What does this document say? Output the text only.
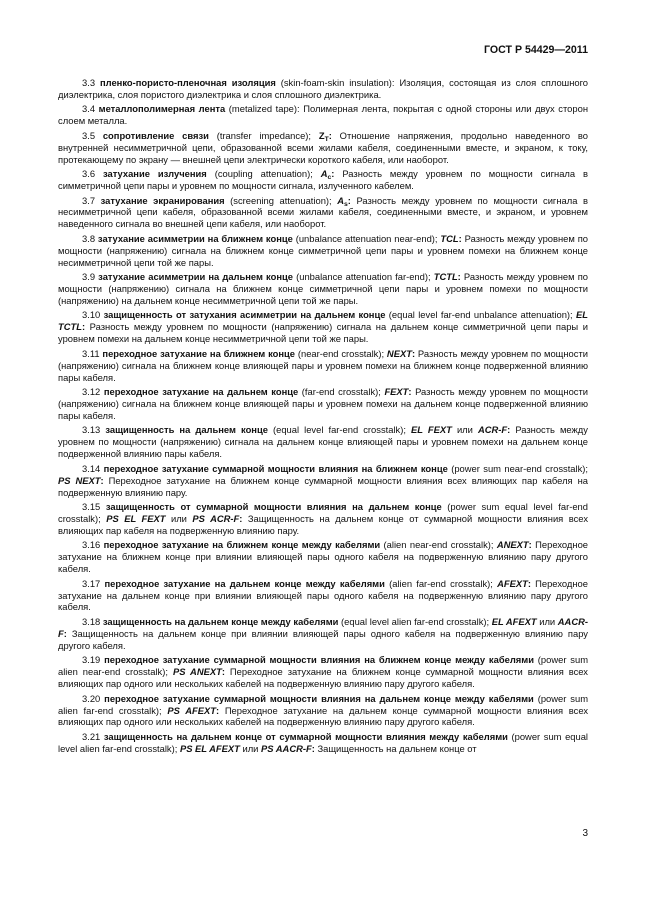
ГОСТ Р 54429—2011

3.3 пленко-пористо-пленочная изоляция (skin-foam-skin insulation): Изоляция, состоящая из слоя сплошного диэлектрика, слоя пористого диэлектрика и слоя сплошного диэлектрика.

3.4 металлополимерная лента (metalized tape): Полимерная лента, покрытая с одной стороны или двух сторон слоем металла.

3.5 сопротивление связи (transfer impedance); $Z_T$: Отношение напряжения, продольно наведенного во внутренней несимметричной цепи, образованной всеми жилами кабеля, соединенными вместе, и экраном, к току, протекающему по экрану — внешней цепи электрически короткого кабеля, или наоборот.

3.6 затухание излучения (coupling attenuation); $A_c$: Разность между уровнем по мощности сигнала в симметричной цепи пары и уровнем по мощности сигнала, излученного кабелем.

3.7 затухание экранирования (screening attenuation); $A_s$: Разность между уровнем по мощности сигнала в несимметричной цепи кабеля, образованной всеми жилами кабеля, соединенными вместе, и экраном, и уровнем наведенного сигнала во внешней цепи кабеля, или наоборот.

3.8 затухание асимметрии на ближнем конце (unbalance attenuation near-end); TCL: Разность между уровнем по мощности (напряжению) сигнала на ближнем конце симметричной цепи пары и уровнем помехи на ближнем конце несимметричной цепи той же пары.

3.9 затухание асимметрии на дальнем конце (unbalance attenuation far-end); TCTL: Разность между уровнем по мощности (напряжению) сигнала на ближнем конце симметричной цепи пары и уровнем помехи по мощности (напряжению) на дальнем конце несимметричной цепи той же пары.

3.10 защищенность от затухания асимметрии на дальнем конце (equal level far-end unbalance attenuation); EL TCTL: Разность между уровнем по мощности (напряжению) сигнала на дальнем конце симметричной цепи пары и уровнем помехи на дальнем конце несимметричной цепи той же пары.

3.11 переходное затухание на ближнем конце (near-end crosstalk); NEXT: Разность между уровнем по мощности (напряжению) сигнала на ближнем конце влияющей пары и уровнем помехи на ближнем конце подверженной влиянию пары кабеля.

3.12 переходное затухание на дальнем конце (far-end crosstalk); FEXT: Разность между уровнем по мощности (напряжению) сигнала на ближнем конце влияющей пары и уровнем помехи на дальнем конце подверженной влиянию пары кабеля.

3.13 защищенность на дальнем конце (equal level far-end crosstalk); EL FEXT или ACR-F: Разность между уровнем по мощности (напряжению) сигнала на дальнем конце влияющей пары и уровнем помехи на дальнем конце подверженной влиянию пары кабеля.

3.14 переходное затухание суммарной мощности влияния на ближнем конце (power sum near-end crosstalk); PS NEXT: Переходное затухание на ближнем конце суммарной мощности влияния всех влияющих пар кабеля на подверженную влиянию пару.

3.15 защищенность от суммарной мощности влияния на дальнем конце (power sum equal level far-end crosstalk); PS EL FEXT или PS ACR-F: Защищенность на дальнем конце от суммарной мощности влияния всех влияющих пар кабеля на подверженную влиянию пару.

3.16 переходное затухание на ближнем конце между кабелями (alien near-end crosstalk); ANEXT: Переходное затухание на ближнем конце при влиянии влияющей пары одного кабеля на подверженную влиянию пару другого кабеля.

3.17 переходное затухание на дальнем конце между кабелями (alien far-end crosstalk); AFEXT: Переходное затухание на дальнем конце при влиянии влияющей пары одного кабеля на подверженную влиянию пару другого кабеля.

3.18 защищенность на дальнем конце между кабелями (equal level alien far-end crosstalk); EL AFEXT или AACR-F: Защищенность на дальнем конце при влиянии влияющей пары одного кабеля на подверженную влиянию пару другого кабеля.

3.19 переходное затухание суммарной мощности влияния на ближнем конце между кабелями (power sum alien near-end crosstalk); PS ANEXT: Переходное затухание на ближнем конце суммарной мощности влияния всех влияющих пар одного или нескольких кабелей на подверженную влиянию пару другого кабеля.

3.20 переходное затухание суммарной мощности влияния на дальнем конце между кабелями (power sum alien far-end crosstalk); PS AFEXT: Переходное затухание на дальнем конце суммарной мощности влияния всех влияющих пар одного или нескольких кабелей на подверженную влиянию пару другого кабеля.

3.21 защищенность на дальнем конце от суммарной мощности влияния между кабелями (power sum equal level alien far-end crosstalk); PS EL AFEXT или PS AACR-F: Защищенность на дальнем конце от

3
